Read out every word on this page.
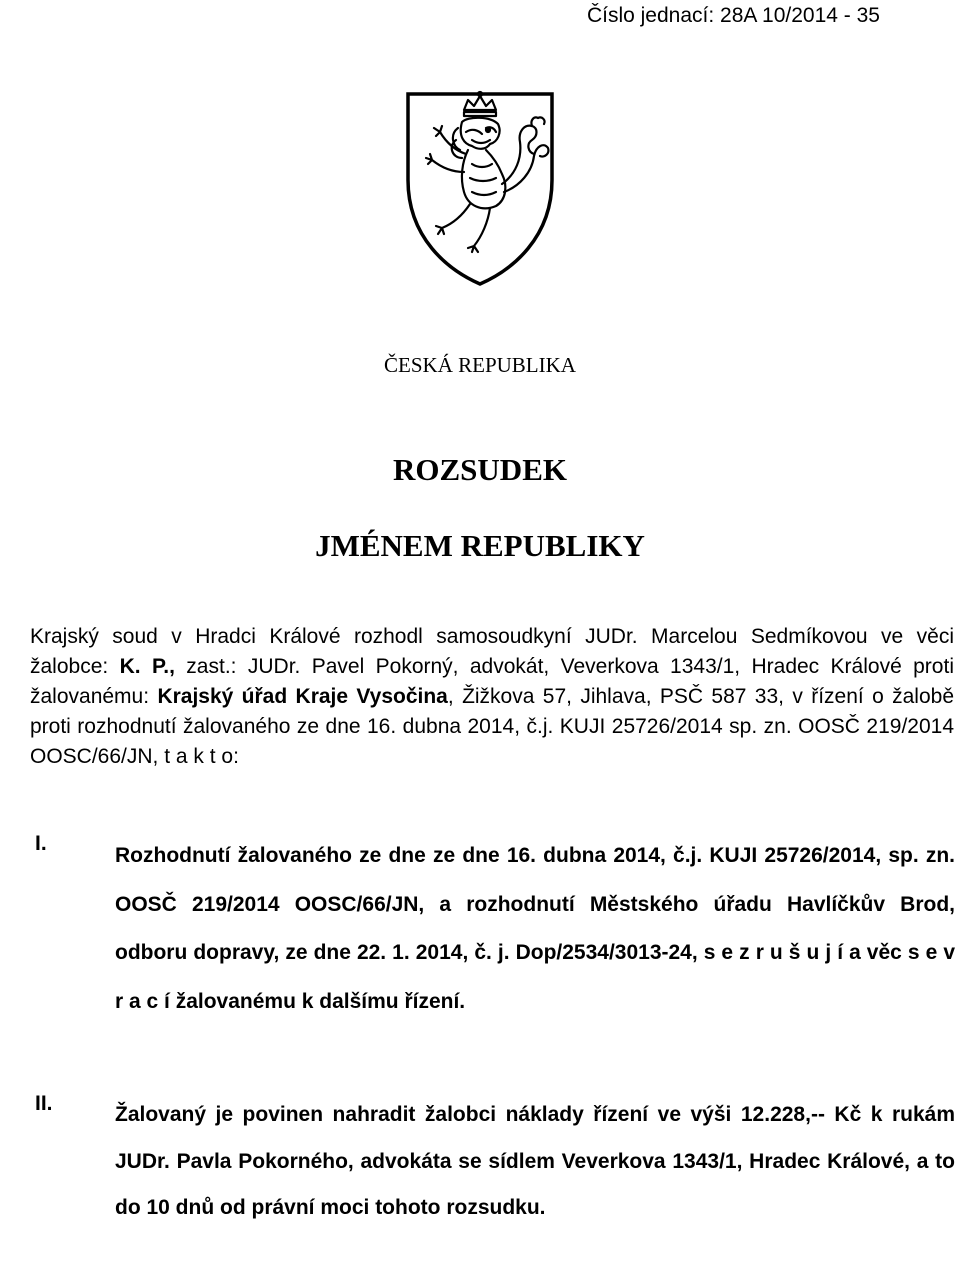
Číslo jednací: 28A 10/2014 - 35
ČESKÁ REPUBLIKA
ROZSUDEK
JMÉNEM REPUBLIKY
Krajský soud v Hradci Králové rozhodl samosoudkyní JUDr. Marcelou Sedmíkovou ve věci žalobce: K. P., zast.: JUDr. Pavel Pokorný, advokát, Veverkova 1343/1, Hradec Králové proti žalovanému: Krajský úřad Kraje Vysočina, Žižkova 57, Jihlava, PSČ 587 33, v řízení o žalobě proti rozhodnutí žalovaného ze dne 16. dubna 2014, č.j. KUJI 25726/2014 sp. zn. OOSČ 219/2014 OOSC/66/JN, t a k t o:
I.
Rozhodnutí žalovaného ze dne ze dne 16. dubna 2014, č.j. KUJI 25726/2014, sp. zn. OOSČ 219/2014 OOSC/66/JN, a rozhodnutí Městského úřadu Havlíčkův Brod, odboru dopravy, ze dne 22. 1. 2014, č. j. Dop/2534/3013-24, s e z r u š u j í a věc s e v r a c í žalovanému k dalšímu řízení.
II.	Žalovaný je povinen nahradit žalobci náklady řízení ve výši 12.228,-- Kč k rukám JUDr. Pavla Pokorného, advokáta se sídlem Veverkova 1343/1, Hradec Králové, a to do 10 dnů od právní moci tohoto rozsudku.
